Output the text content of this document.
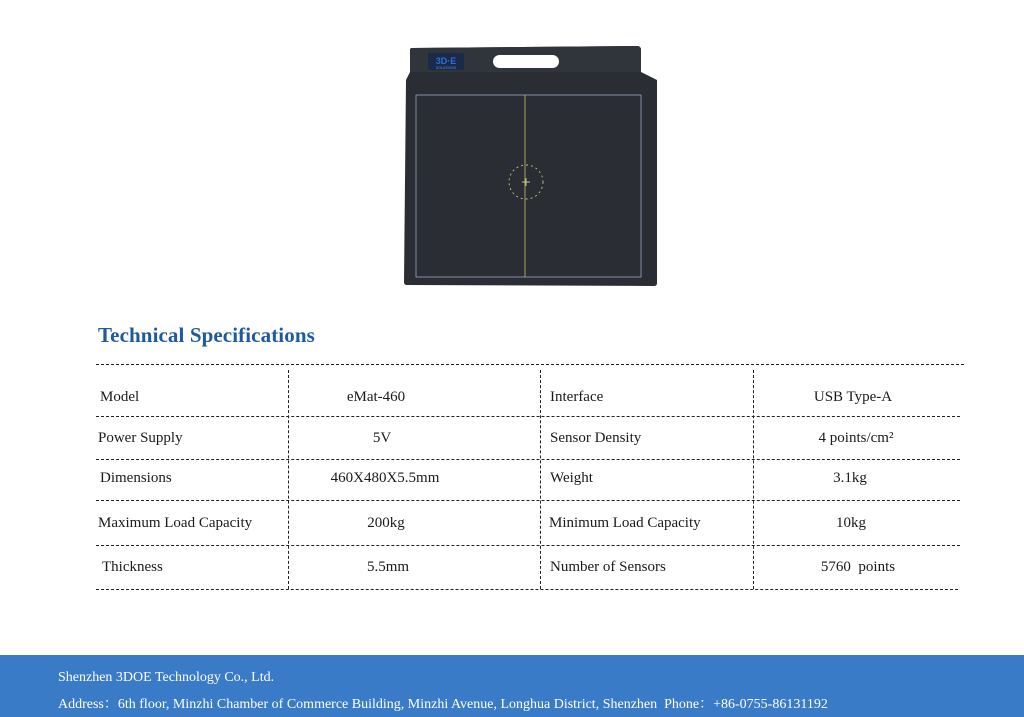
3D·E
SOLUTIONS
Technical Specifications
Model	eMat-460	Interface	USB Type-A
Power Supply	5V	Sensor Density	4 points/cm²
Dimensions	460X480X5.5mm	Weight	3.1kg
Maximum Load Capacity	200kg	Minimum Load Capacity	10kg
Thickness	5.5mm	Number of Sensors	5760  points
Shenzhen 3DOE Technology Co., Ltd.
Address：6th floor, Minzhi Chamber of Commerce Building, Minzhi Avenue, Longhua District, Shenzhen  Phone：+86-0755-86131192
